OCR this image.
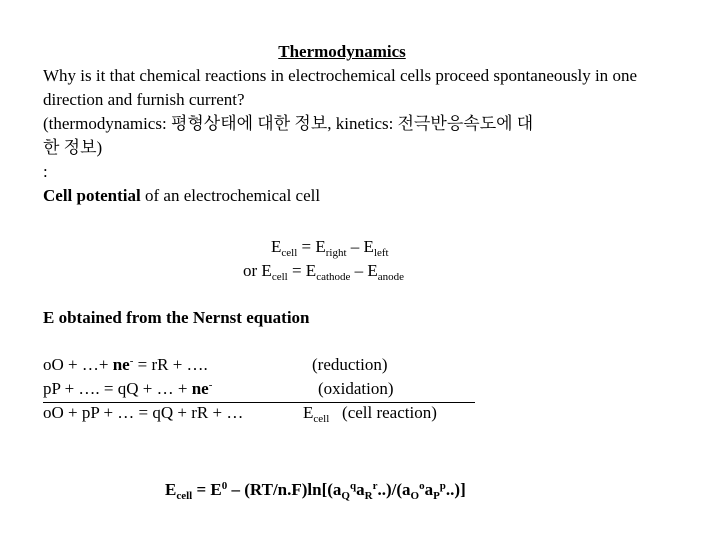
Thermodynamics
Why is it that chemical reactions in electrochemical cells proceed spontaneously in one direction and furnish current?
(thermodynamics: 평형상태에 대한 정보, kinetics: 전극반응속도에 대

한 정보)
:
Cell potential of an electrochemical cell
$E_{cell} = E_{right} - E_{left}$
or $E_{cell} = E_{cathode} - E_{anode}$
E obtained from the Nernst equation
oO + …+ ne- = rR + ….	(reduction)
pP + …. = qQ + … + ne-	(oxidation)
oO + pP + … = qQ + rR + …	$E_{cell}$   (cell reaction)
$E_{cell} = E^0 - (RT/n.F)\ln[(a_Q^qa_R^r..)/(a_O^oa_P^p..)]$
